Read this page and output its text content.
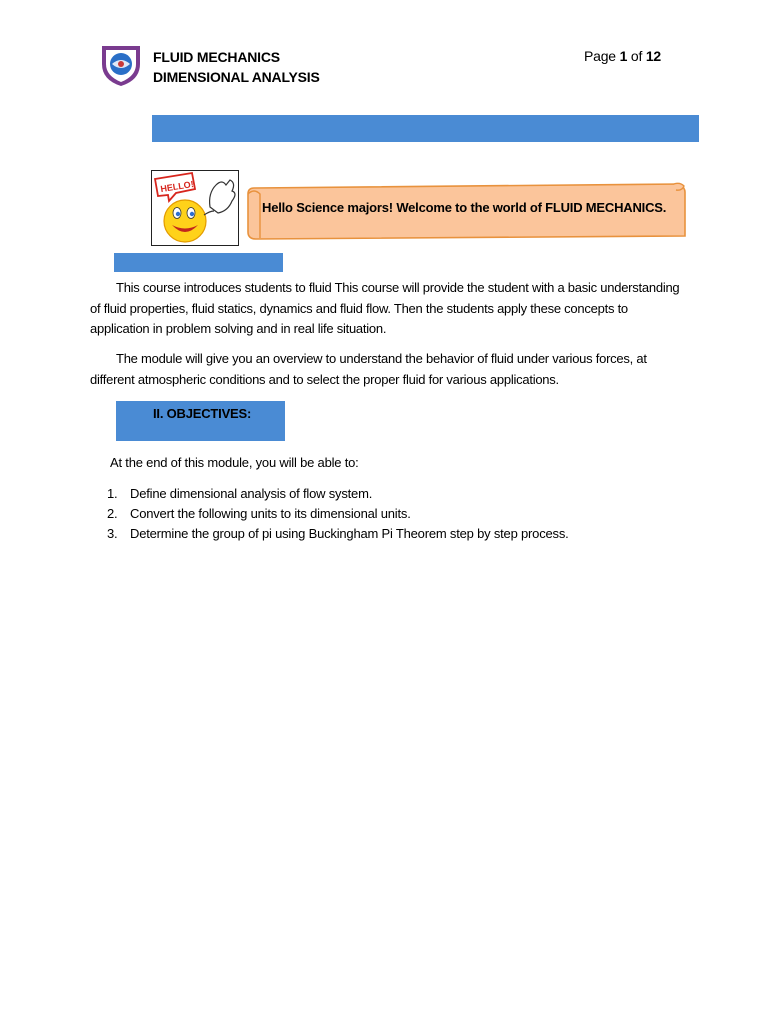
FLUID MECHANICS
DIMENSIONAL ANALYSIS
Page 1 of 12
HELLO!
Hello Science majors! Welcome to the world of FLUID MECHANICS.
This course introduces students to fluid This course will provide the student with a basic understanding of fluid properties, fluid statics, dynamics and fluid flow. Then the students apply these concepts to application in problem solving and in real life situation.
The module will give you an overview to understand the behavior of fluid under various forces, at different atmospheric conditions and to select the proper fluid for various applications.
II. OBJECTIVES:
At the end of this module, you will be able to:
1. Define dimensional analysis of flow system.
2. Convert the following units to its dimensional units.
3. Determine the group of pi using Buckingham Pi Theorem step by step process.
